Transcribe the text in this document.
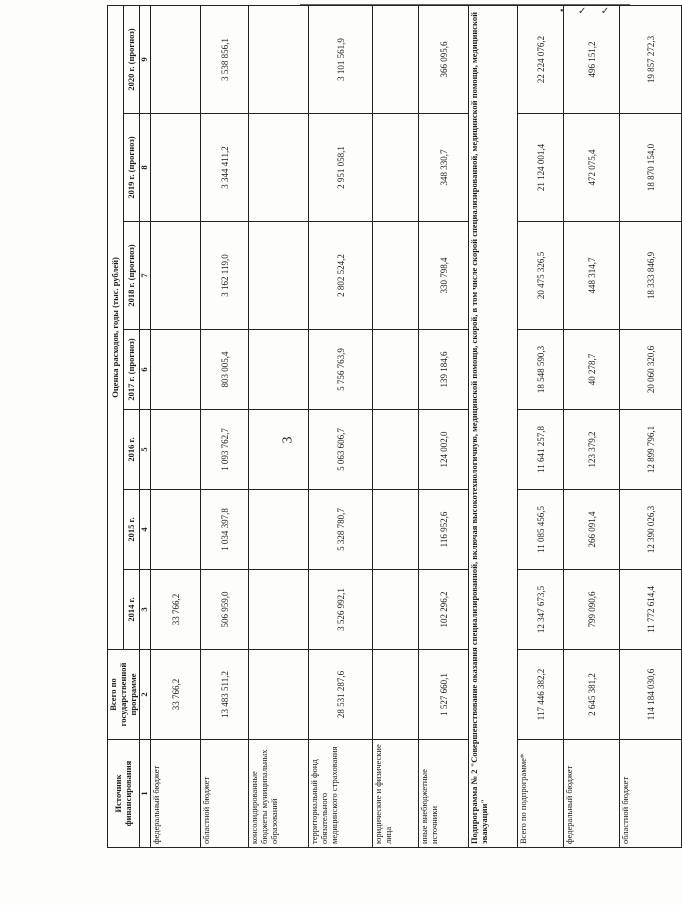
• ✓ ✓
3
Источник финансирования	Всего по государственной программе	Оценка расходов, годы (тыс. рублей)						
		2014 г.	2015 г.	2016 г.	2017 г. (прогноз)	2018 г. (прогноз)	2019 г. (прогноз)	2020 г. (прогноз)
1	2	3	4	5	6	7	8	9
федеральный бюджет	33 766,2	33 766,2						
областной бюджет	13 483 511,2	506 959,0	1 034 397,8	1 093 762,7	803 005,4	3 162 119,0	3 344 411,2	3 538 856,1
консолидированные бюджеты муниципальных образований								
территориальный фонд обязательного медицинского страхования	28 531 287,6	3 526 992,1	5 328 780,7	5 063 606,7	5 756 763,9	2 802 524,2	2 951 058,1	3 101 561,9
юридические и физические лица								
иные внебюджетные источники	1 527 660,1	102 296,2	116 952,6	124 002,0	139 184,6	330 798,4	348 330,7	366 095,6
Подпрограмма № 2 "Совершенствование оказания специализированной, включая высокотехнологичную, медицинской помощи, скорой, в том числе скорой специализированной, медицинской помощи, медицинской эвакуации"								
Всего по подпрограмме*	117 446 382,2	12 347 673,5	11 085 456,5	11 641 257,8	18 548 590,3	20 475 326,5	21 124 001,4	22 224 076,2
федеральный бюджет	2 645 381,2	799 090,6	266 091,4	123 379,2	40 278,7	448 314,7	472 075,4	496 151,2
областной бюджет	114 184 030,6	11 772 614,4	12 390 026,3	12 899 796,1	20 060 320,6	18 333 846,9	18 870 154,0	19 857 272,3
